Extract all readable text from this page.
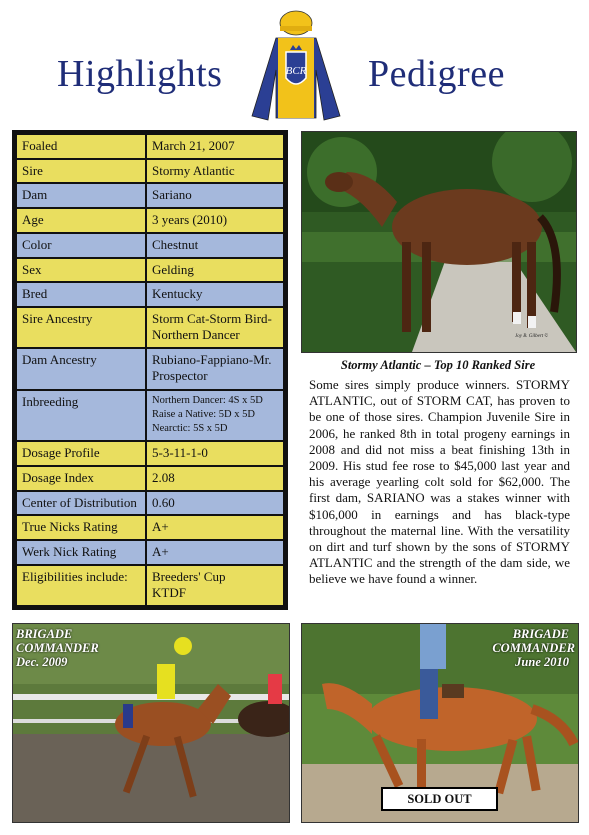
Highlights	Pedigree
BCR
Foaled	March 21, 2007
Sire	Stormy Atlantic
Dam	Sariano
Age	3 years (2010)
Color	Chestnut
Sex	Gelding
Bred	Kentucky
Sire Ancestry	Storm Cat-Storm Bird-Northern Dancer
Dam Ancestry	Rubiano-Fappiano-Mr. Prospector
Inbreeding	Northern Dancer: 4S x 5D
Raise a Native: 5D x 5D
Nearctic: 5S x 5D
Dosage Profile	5-3-11-1-0
Dosage Index	2.08
Center of Distribution	0.60
True Nicks Rating	A+
Werk Nick Rating	A+
Eligibilities include:	Breeders' Cup
KTDF
Joy B. Gilbert ©
Stormy Atlantic – Top 10 Ranked Sire
Some sires simply produce winners. STORMY ATLANTIC, out of STORM CAT, has proven to be one of those sires. Champion Juvenile Sire in 2006, he ranked 8th in total progeny earnings in 2008 and did not miss a beat finishing 13th in 2009. His stud fee rose to $45,000 last year and his average yearling colt sold for $62,000. The first dam, SARIANO was a stakes winner with $106,000 in earnings and has black-type throughout the maternal line. With the versatility on dirt and turf shown by the sons of STORMY ATLANTIC and the strength of the dam side, we believe we have found a winner.
BRIGADE
COMMANDER
Dec. 2009
BRIGADE
COMMANDER
June 2010
SOLD OUT
